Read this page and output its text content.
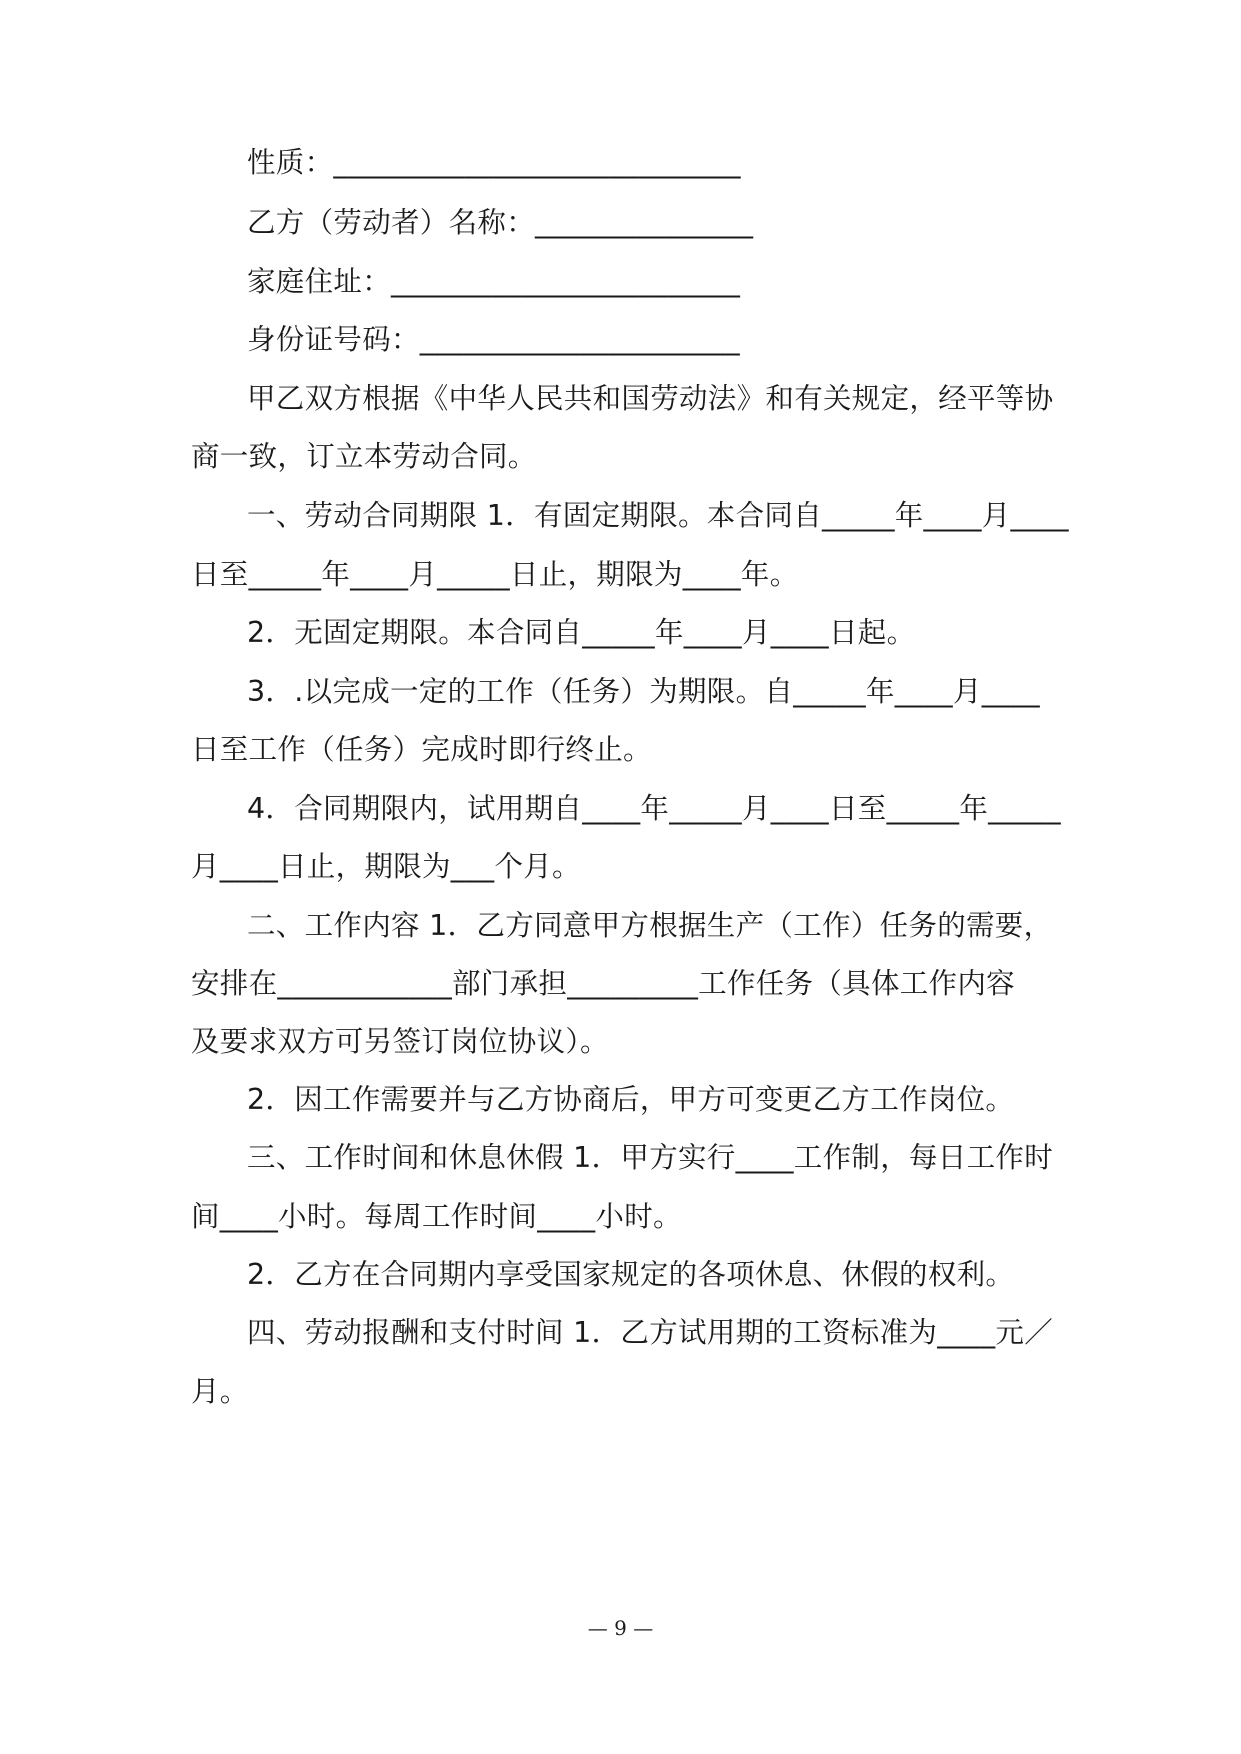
性质：____________________________
乙方（劳动者）名称：_______________
家庭住址：________________________
身份证号码：______________________
甲乙双方根据《中华人民共和国劳动法》和有关规定，经平等协
商一致，订立本劳动合同。
一、劳动合同期限 1．有固定期限。本合同自_____年____月____
日至_____年____月_____日止，期限为____年。
2．无固定期限。本合同自_____年____月____日起。
3．.以完成一定的工作（任务）为期限。自_____年____月____
日至工作（任务）完成时即行终止。
4．合同期限内，试用期自____年_____月____日至_____年_____
月____日止，期限为___个月。
二、工作内容 1．乙方同意甲方根据生产（工作）任务的需要，
安排在____________部门承担_________工作任务（具体工作内容
及要求双方可另签订岗位协议）。
2．因工作需要并与乙方协商后，甲方可变更乙方工作岗位。
三、工作时间和休息休假 1．甲方实行____工作制，每日工作时
间____小时。每周工作时间____小时。
2．乙方在合同期内享受国家规定的各项休息、休假的权利。
四、劳动报酬和支付时间 1．乙方试用期的工资标准为____元／
月。
— 9 —
